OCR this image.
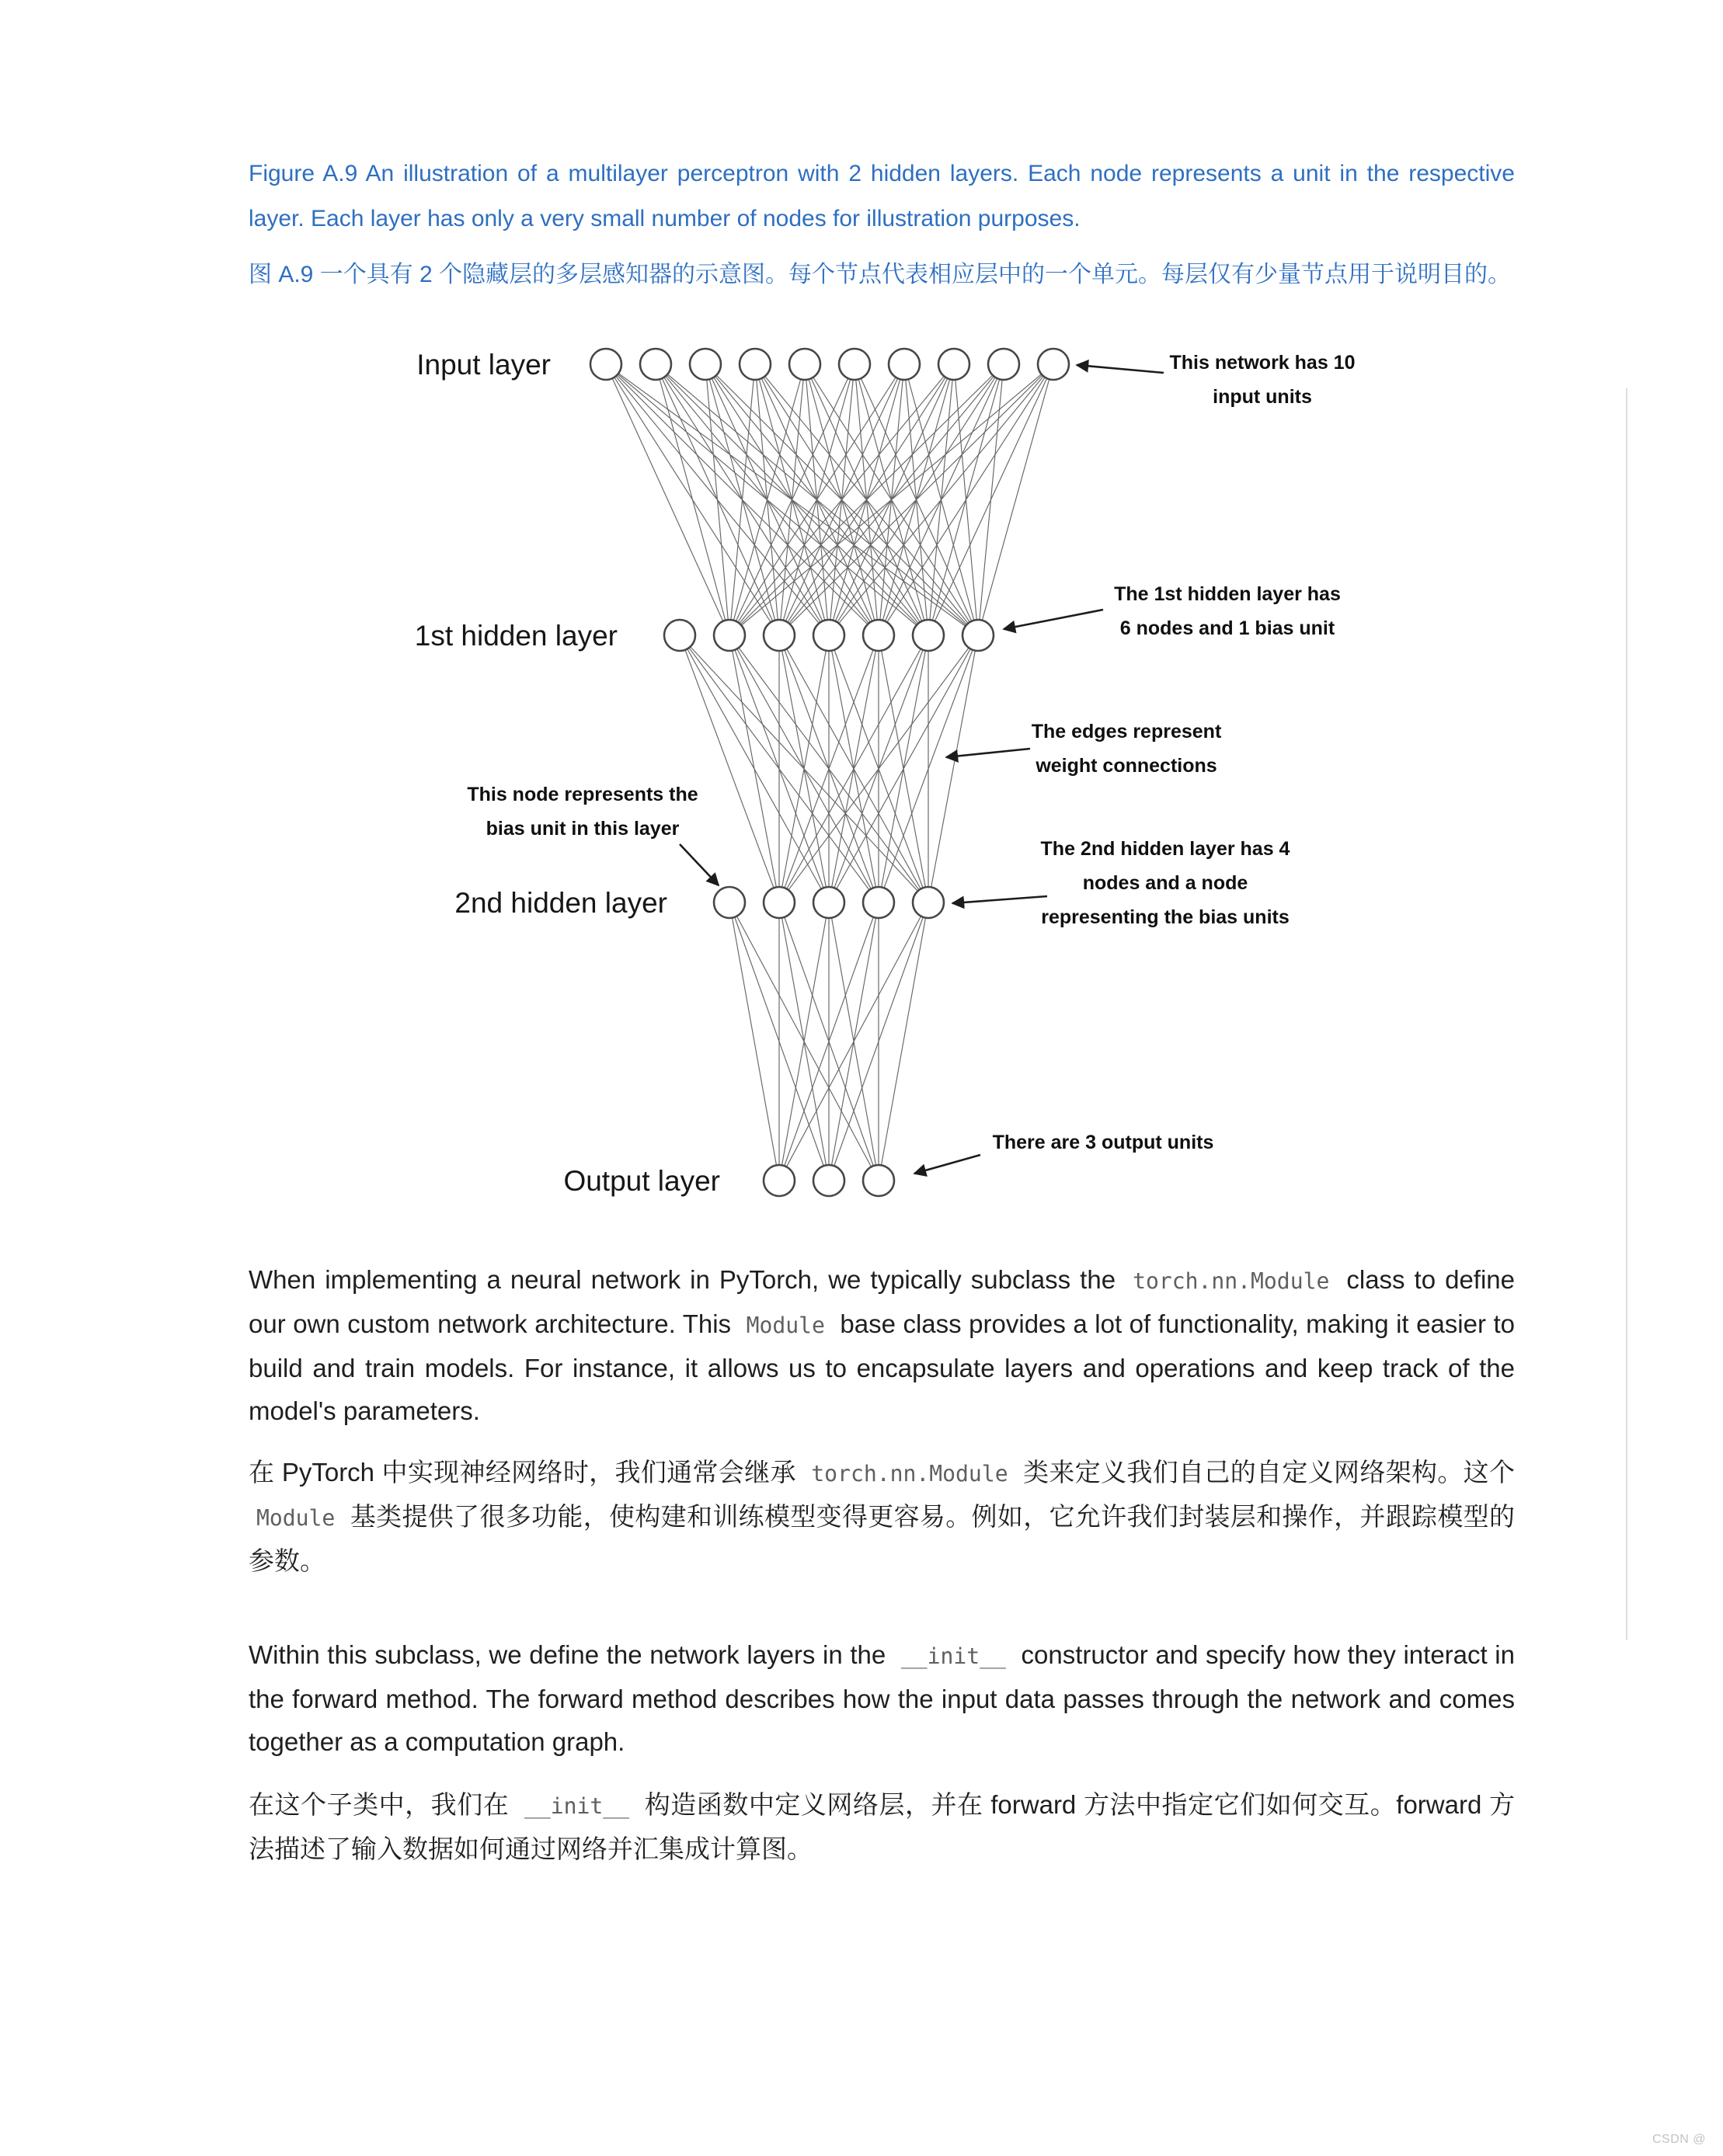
Figure A.9 An illustration of a multilayer perceptron with 2 hidden layers. Each node represents a unit in the respective layer. Each layer has only a very small number of nodes for illustration purposes.

图 A.9 一个具有 2 个隐藏层的多层感知器的示意图。每个节点代表相应层中的一个单元。每层仅有少量节点用于说明目的。

Input layer
1st hidden layer
2nd hidden layer
Output layer
This network has 10
input units
The 1st hidden layer has
6 nodes and 1 bias unit
The edges represent
weight connections
This node represents the
bias unit in this layer
The 2nd hidden layer has 4
nodes and a node
representing the bias units
There are 3 output units

When implementing a neural network in PyTorch, we typically subclass the torch.nn.Module class to define our own custom network architecture. This Module base class provides a lot of functionality, making it easier to build and train models. For instance, it allows us to encapsulate layers and operations and keep track of the model's parameters.

在 PyTorch 中实现神经网络时，我们通常会继承 torch.nn.Module 类来定义我们自己的自定义网络架构。这个 Module 基类提供了很多功能，使构建和训练模型变得更容易。例如，它允许我们封装层和操作，并跟踪模型的参数。

Within this subclass, we define the network layers in the __init__ constructor and specify how they interact in the forward method. The forward method describes how the input data passes through the network and comes together as a computation graph.

在这个子类中，我们在 __init__ 构造函数中定义网络层，并在 forward 方法中指定它们如何交互。forward 方法描述了输入数据如何通过网络并汇集成计算图。

CSDN @
